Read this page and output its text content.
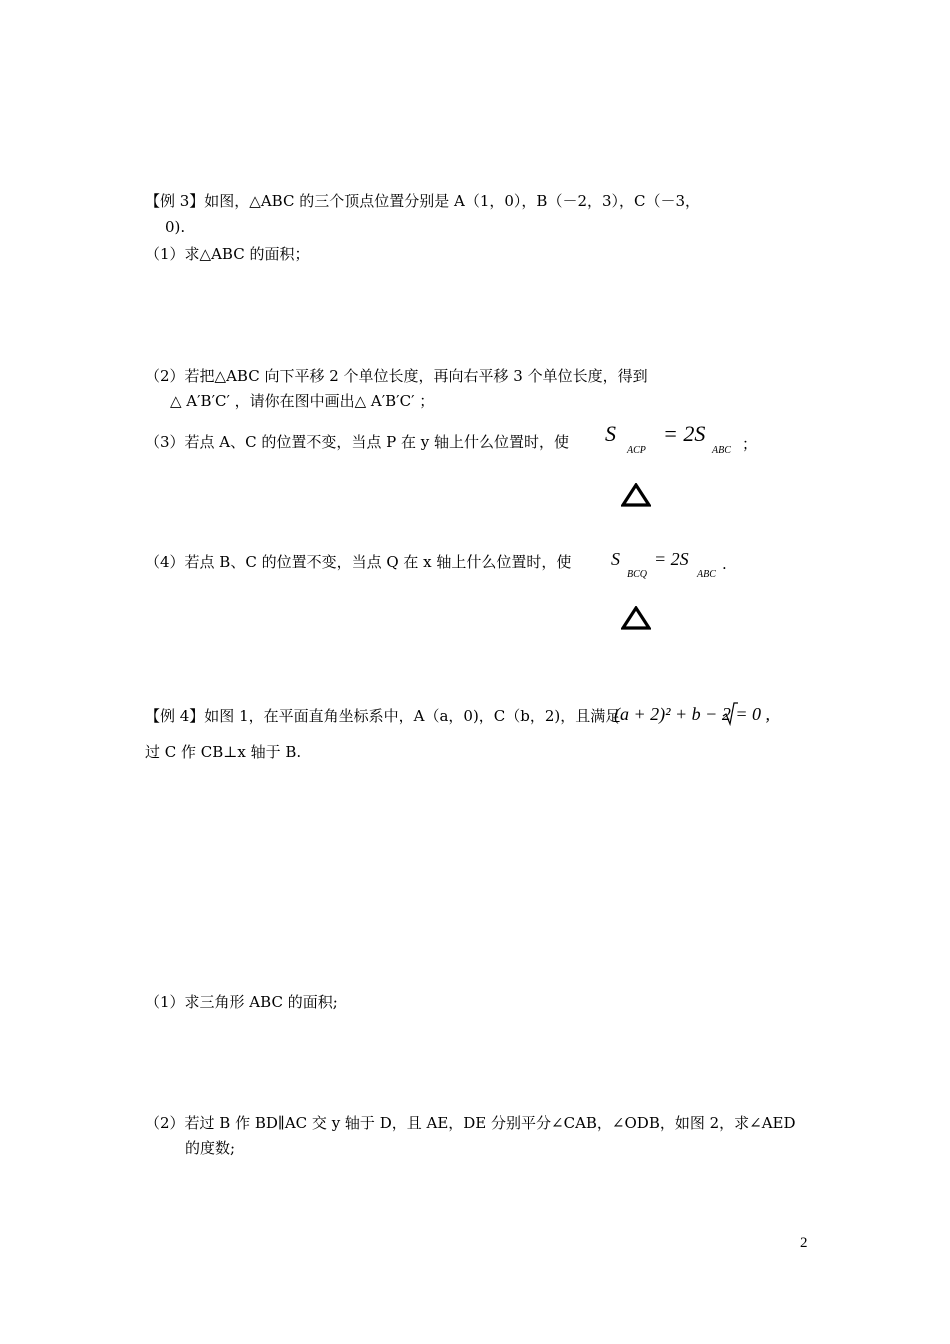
【例 3】如图，△ABC 的三个顶点位置分别是 A（1，0），B（－2，3），C（－3，
0).
（1）求△ABC 的面积；
（2）若把△ABC 向下平移 2 个单位长度，再向右平移 3 个单位长度，得到
△ A′B′C′ ，请你在图中画出△ A′B′C′ ；
（3）若点 A、C 的位置不变，当点 P 在 y 轴上什么位置时，使 S
ACP
= 2S
ABC ；
（4）若点 B、C 的位置不变，当点 Q 在 x 轴上什么位置时，使 S
BCQ
= 2S
ABC
.
【例 4】如图 1，在平面直角坐标系中，A（a，0)，C（b，2)，且满足
(a + 2)² + b − 2 = 0 ,
过 C 作 CB⊥x 轴于 B.
（1）求三角形 ABC 的面积;
（2）若过 B 作 BD∥AC 交 y 轴于 D，且 AE，DE 分别平分∠CAB，∠ODB，如图 2，求∠AED
的度数;
2
